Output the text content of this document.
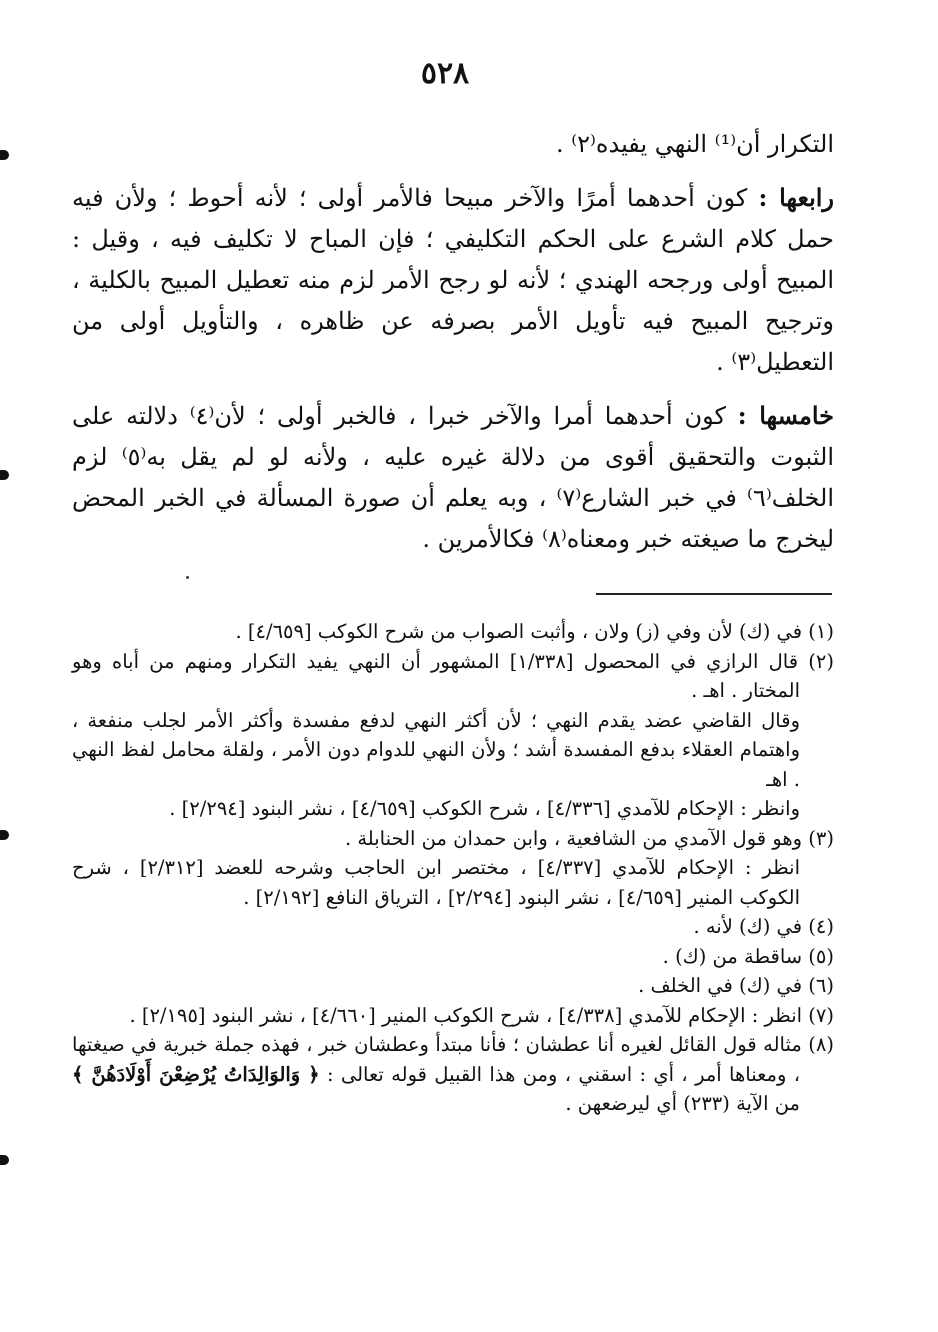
٥٢٨

التكرار أن⁽¹⁾ النهي يفيده⁽٢⁾ .

رابعها : كون أحدهما أمرًا والآخر مبيحا فالأمر أولى ؛ لأنه أحوط ؛ ولأن فيه حمل كلام الشرع على الحكم التكليفي ؛ فإن المباح لا تكليف فيه ، وقيل : المبيح أولى ورجحه الهندي ؛ لأنه لو رجح الأمر لزم منه تعطيل المبيح بالكلية ، وترجيح المبيح فيه تأويل الأمر بصرفه عن ظاهره ، والتأويل أولى من التعطيل⁽٣⁾ .

خامسها : كون أحدهما أمرا والآخر خبرا ، فالخبر أولى ؛ لأن⁽٤⁾ دلالته على الثبوت والتحقيق أقوى من دلالة غيره عليه ، ولأنه لو لم يقل به⁽٥⁾ لزم الخلف⁽٦⁾ في خبر الشارع⁽٧⁾ ، وبه يعلم أن صورة المسألة في الخبر المحض ليخرج ما صيغته خبر ومعناه⁽٨⁾ فكالأمرين .

(١) في (ك) لأن وفي (ز) ولان ، وأثبت الصواب من شرح الكوكب [٤/٦٥٩] .

(٢) قال الرازي في المحصول [١/٣٣٨] المشهور أن النهي يفيد التكرار ومنهم من أباه وهو المختار . اهـ .

وقال القاضي عضد يقدم النهي ؛ لأن أكثر النهي لدفع مفسدة وأكثر الأمر لجلب منفعة ، واهتمام العقلاء بدفع المفسدة أشد ؛ ولأن النهي للدوام دون الأمر ، ولقلة محامل لفظ النهي . اهـ

وانظر : الإحكام للآمدي [٤/٣٣٦] ، شرح الكوكب [٤/٦٥٩] ، نشر البنود [٢/٢٩٤] .

(٣) وهو قول الآمدي من الشافعية ، وابن حمدان من الحنابلة .

انظر : الإحكام للآمدي [٤/٣٣٧] ، مختصر ابن الحاجب وشرحه للعضد [٢/٣١٢] ، شرح الكوكب المنير [٤/٦٥٩] ، نشر البنود [٢/٢٩٤] ، الترياق النافع [٢/١٩٢] .

(٤) في (ك) لأنه .

(٥) ساقطة من (ك) .

(٦) في (ك) في الخلف .

(٧) انظر : الإحكام للآمدي [٤/٣٣٨] ، شرح الكوكب المنير [٤/٦٦٠] ، نشر البنود [٢/١٩٥] .

(٨) مثاله قول القائل لغيره أنا عطشان ؛ فأنا مبتدأ وعطشان خبر ، فهذه جملة خبرية في صيغتها ، ومعناها أمر ، أي : اسقني ، ومن هذا القبيل قوله تعالى : ﴿ وَالوَالِدَاتُ يُرْضِعْنَ أَوْلَادَهُنَّ ﴾ من الآية (٢٣٣) أي ليرضعهن .
